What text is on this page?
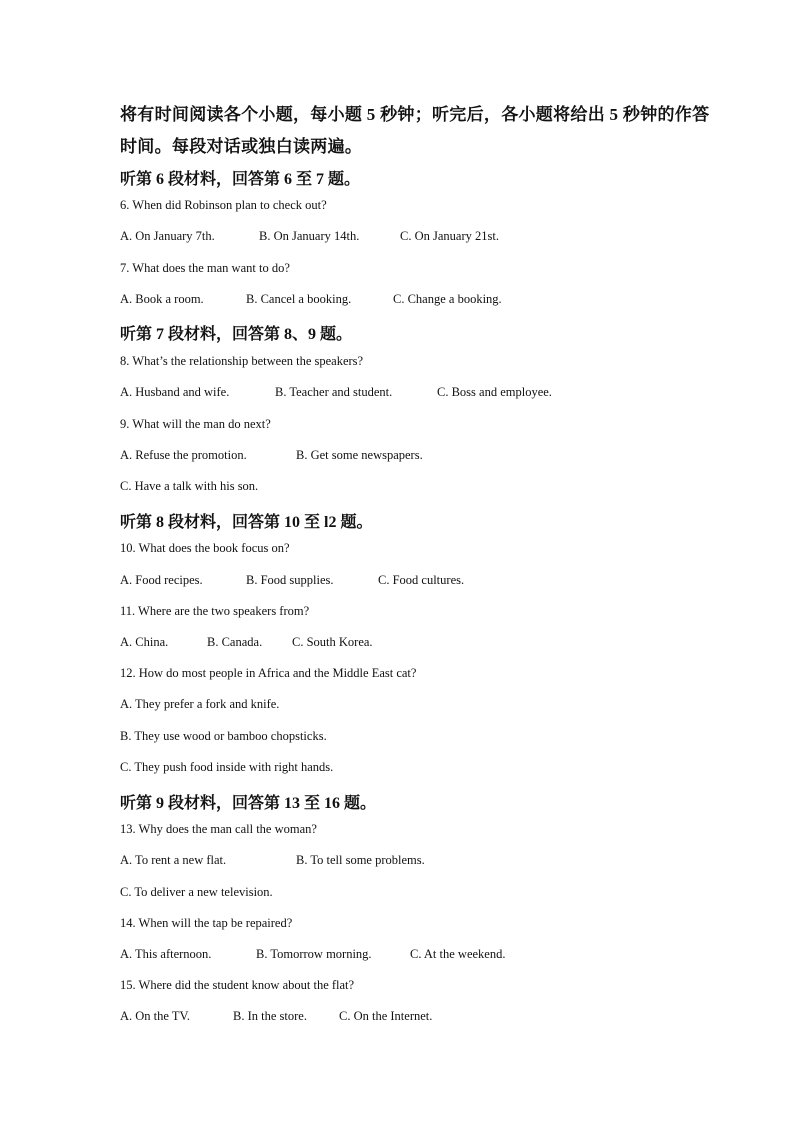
将有时间阅读各个小题，每小题 5 秒钟；听完后，各小题将给出 5 秒钟的作答
时间。每段对话或独白读两遍。
听第 6 段材料，回答第 6 至 7 题。
6. When did Robinson plan to check out?
A. On January 7th.	B. On January 14th.	C. On January 21st.
7. What does the man want to do?
A. Book a room.	B. Cancel a booking.	C. Change a booking.
听第 7 段材料，回答第 8、9 题。
8. What’s the relationship between the speakers?
A. Husband and wife.	B. Teacher and student.	C. Boss and employee.
9. What will the man do next?
A. Refuse the promotion.	B. Get some newspapers.
C. Have a talk with his son.
听第 8 段材料，回答第 10 至 l2 题。
10. What does the book focus on?
A. Food recipes.	B. Food supplies.	C. Food cultures.
11. Where are the two speakers from?
A. China.	B. Canada.	C. South Korea.
12. How do most people in Africa and the Middle East cat?
A. They prefer a fork and knife.
B. They use wood or bamboo chopsticks.
C. They push food inside with right hands.
听第 9 段材料，回答第 13 至 16 题。
13. Why does the man call the woman?
A. To rent a new flat.	B. To tell some problems.
C. To deliver a new television.
14. When will the tap be repaired?
A. This afternoon.	B. Tomorrow morning.	C. At the weekend.
15. Where did the student know about the flat?
A. On the TV.	B. In the store.	C. On the Internet.
